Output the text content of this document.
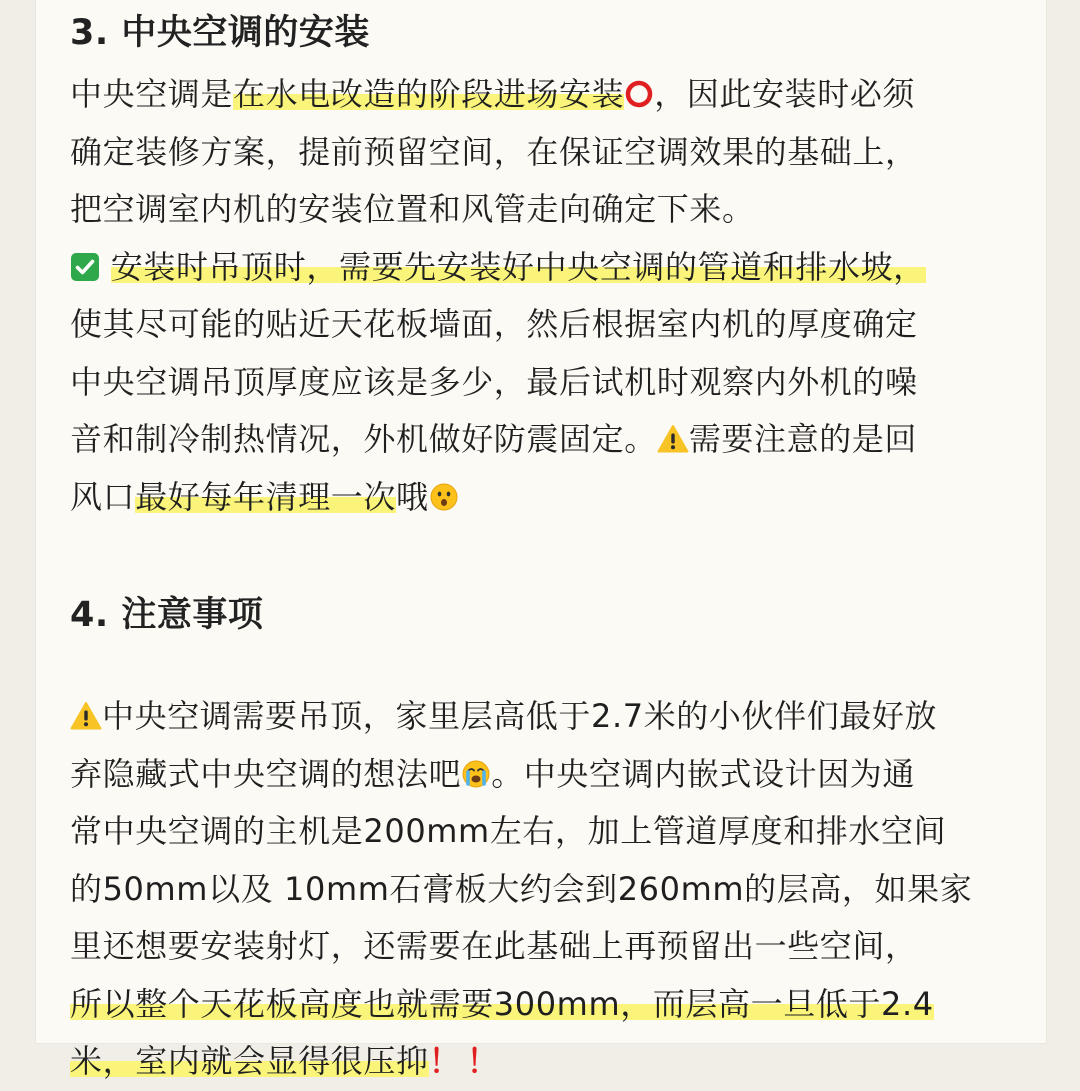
3. 中央空调的安装

中央空调是在水电改造的阶段进场安装 ，因此安装时必须
确定装修方案，提前预留空间，在保证空调效果的基础上，
把空调室内机的安装位置和风管走向确定下来。

安装时吊顶时，需要先安装好中央空调的管道和排水坡，
使其尽可能的贴近天花板墙面，然后根据室内机的厚度确定
中央空调吊顶厚度应该是多少，最后试机时观察内外机的噪
音和制冷制热情况，外机做好防震固定。 需要注意的是回
风口最好每年清理一次哦

4. 注意事项

中央空调需要吊顶，家里层高低于2.7米的小伙伴们最好放
弃隐藏式中央空调的想法吧 。中央空调内嵌式设计因为通
常中央空调的主机是200mm左右，加上管道厚度和排水空间
的50mm以及 10mm石膏板大约会到260mm的层高，如果家
里还想要安装射灯，还需要在此基础上再预留出一些空间，
所以整个天花板高度也就需要300mm，而层高一旦低于2.4
米，室内就会显得很压抑！！
